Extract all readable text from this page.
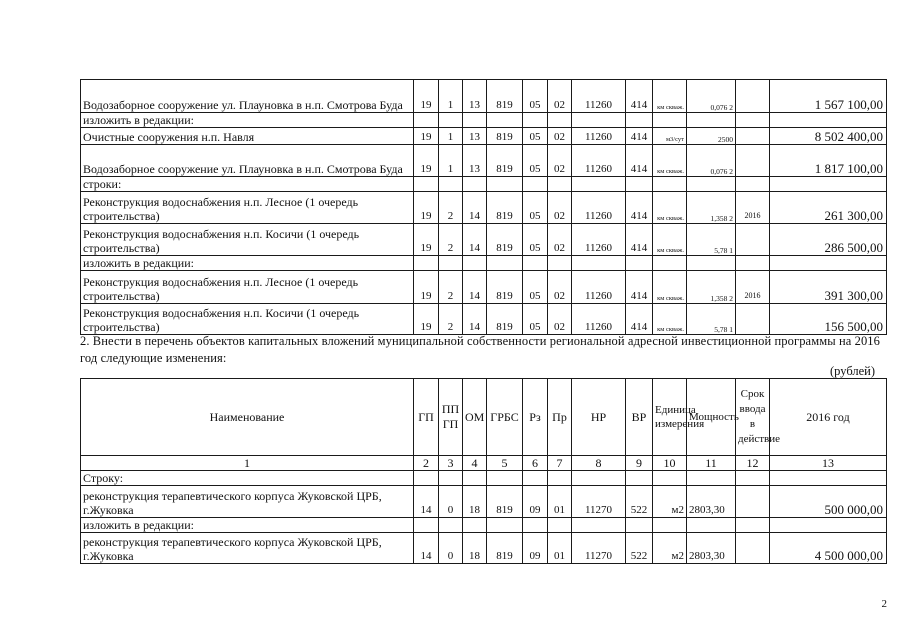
Водозаборное сооружение ул. Плауновка в н.п. Смотрова Буда	19	1	13	819	05	02	11260	414	км скваж.	0,076 2		1 567 100,00
изложить в редакции:												
Очистные сооружения н.п. Навля	19	1	13	819	05	02	11260	414	м3/сут	2500		8 502 400,00
Водозаборное сооружение ул. Плауновка в н.п. Смотрова Буда	19	1	13	819	05	02	11260	414	км скваж.	0,076 2		1 817 100,00
строки:												
Реконструкция водоснабжения н.п. Лесное (1 очередь строительства)	19	2	14	819	05	02	11260	414	км скваж.	1,358 2	2016	261 300,00
Реконструкция водоснабжения н.п. Косичи (1 очередь строительства)	19	2	14	819	05	02	11260	414	км скваж.	5,78 1		286 500,00
изложить в редакции:												
Реконструкция водоснабжения н.п. Лесное (1 очередь строительства)	19	2	14	819	05	02	11260	414	км скваж.	1,358 2	2016	391 300,00
Реконструкция водоснабжения н.п. Косичи (1 очередь строительства)	19	2	14	819	05	02	11260	414	км скваж.	5,78 1		156 500,00
2. Внести в перечень объектов капитальных вложений муниципальной собственности региональной адресной инвестиционной программы на 2016 год следующие изменения:
(рублей)
Наименование	ГП	ПП ГП	ОМ	ГРБС	Рз	Пр	НР	ВР	Единица измерения	Мощность	Срок ввода в действие	2016 год
1	2	3	4	5	6	7	8	9	10	11	12	13
Строку:												
реконструкция терапевтического корпуса Жуковской ЦРБ, г.Жуковка	14	0	18	819	09	01	11270	522	м2	2803,30		500 000,00
изложить в редакции:												
реконструкция терапевтического корпуса Жуковской ЦРБ, г.Жуковка	14	0	18	819	09	01	11270	522	м2	2803,30		4 500 000,00
2
